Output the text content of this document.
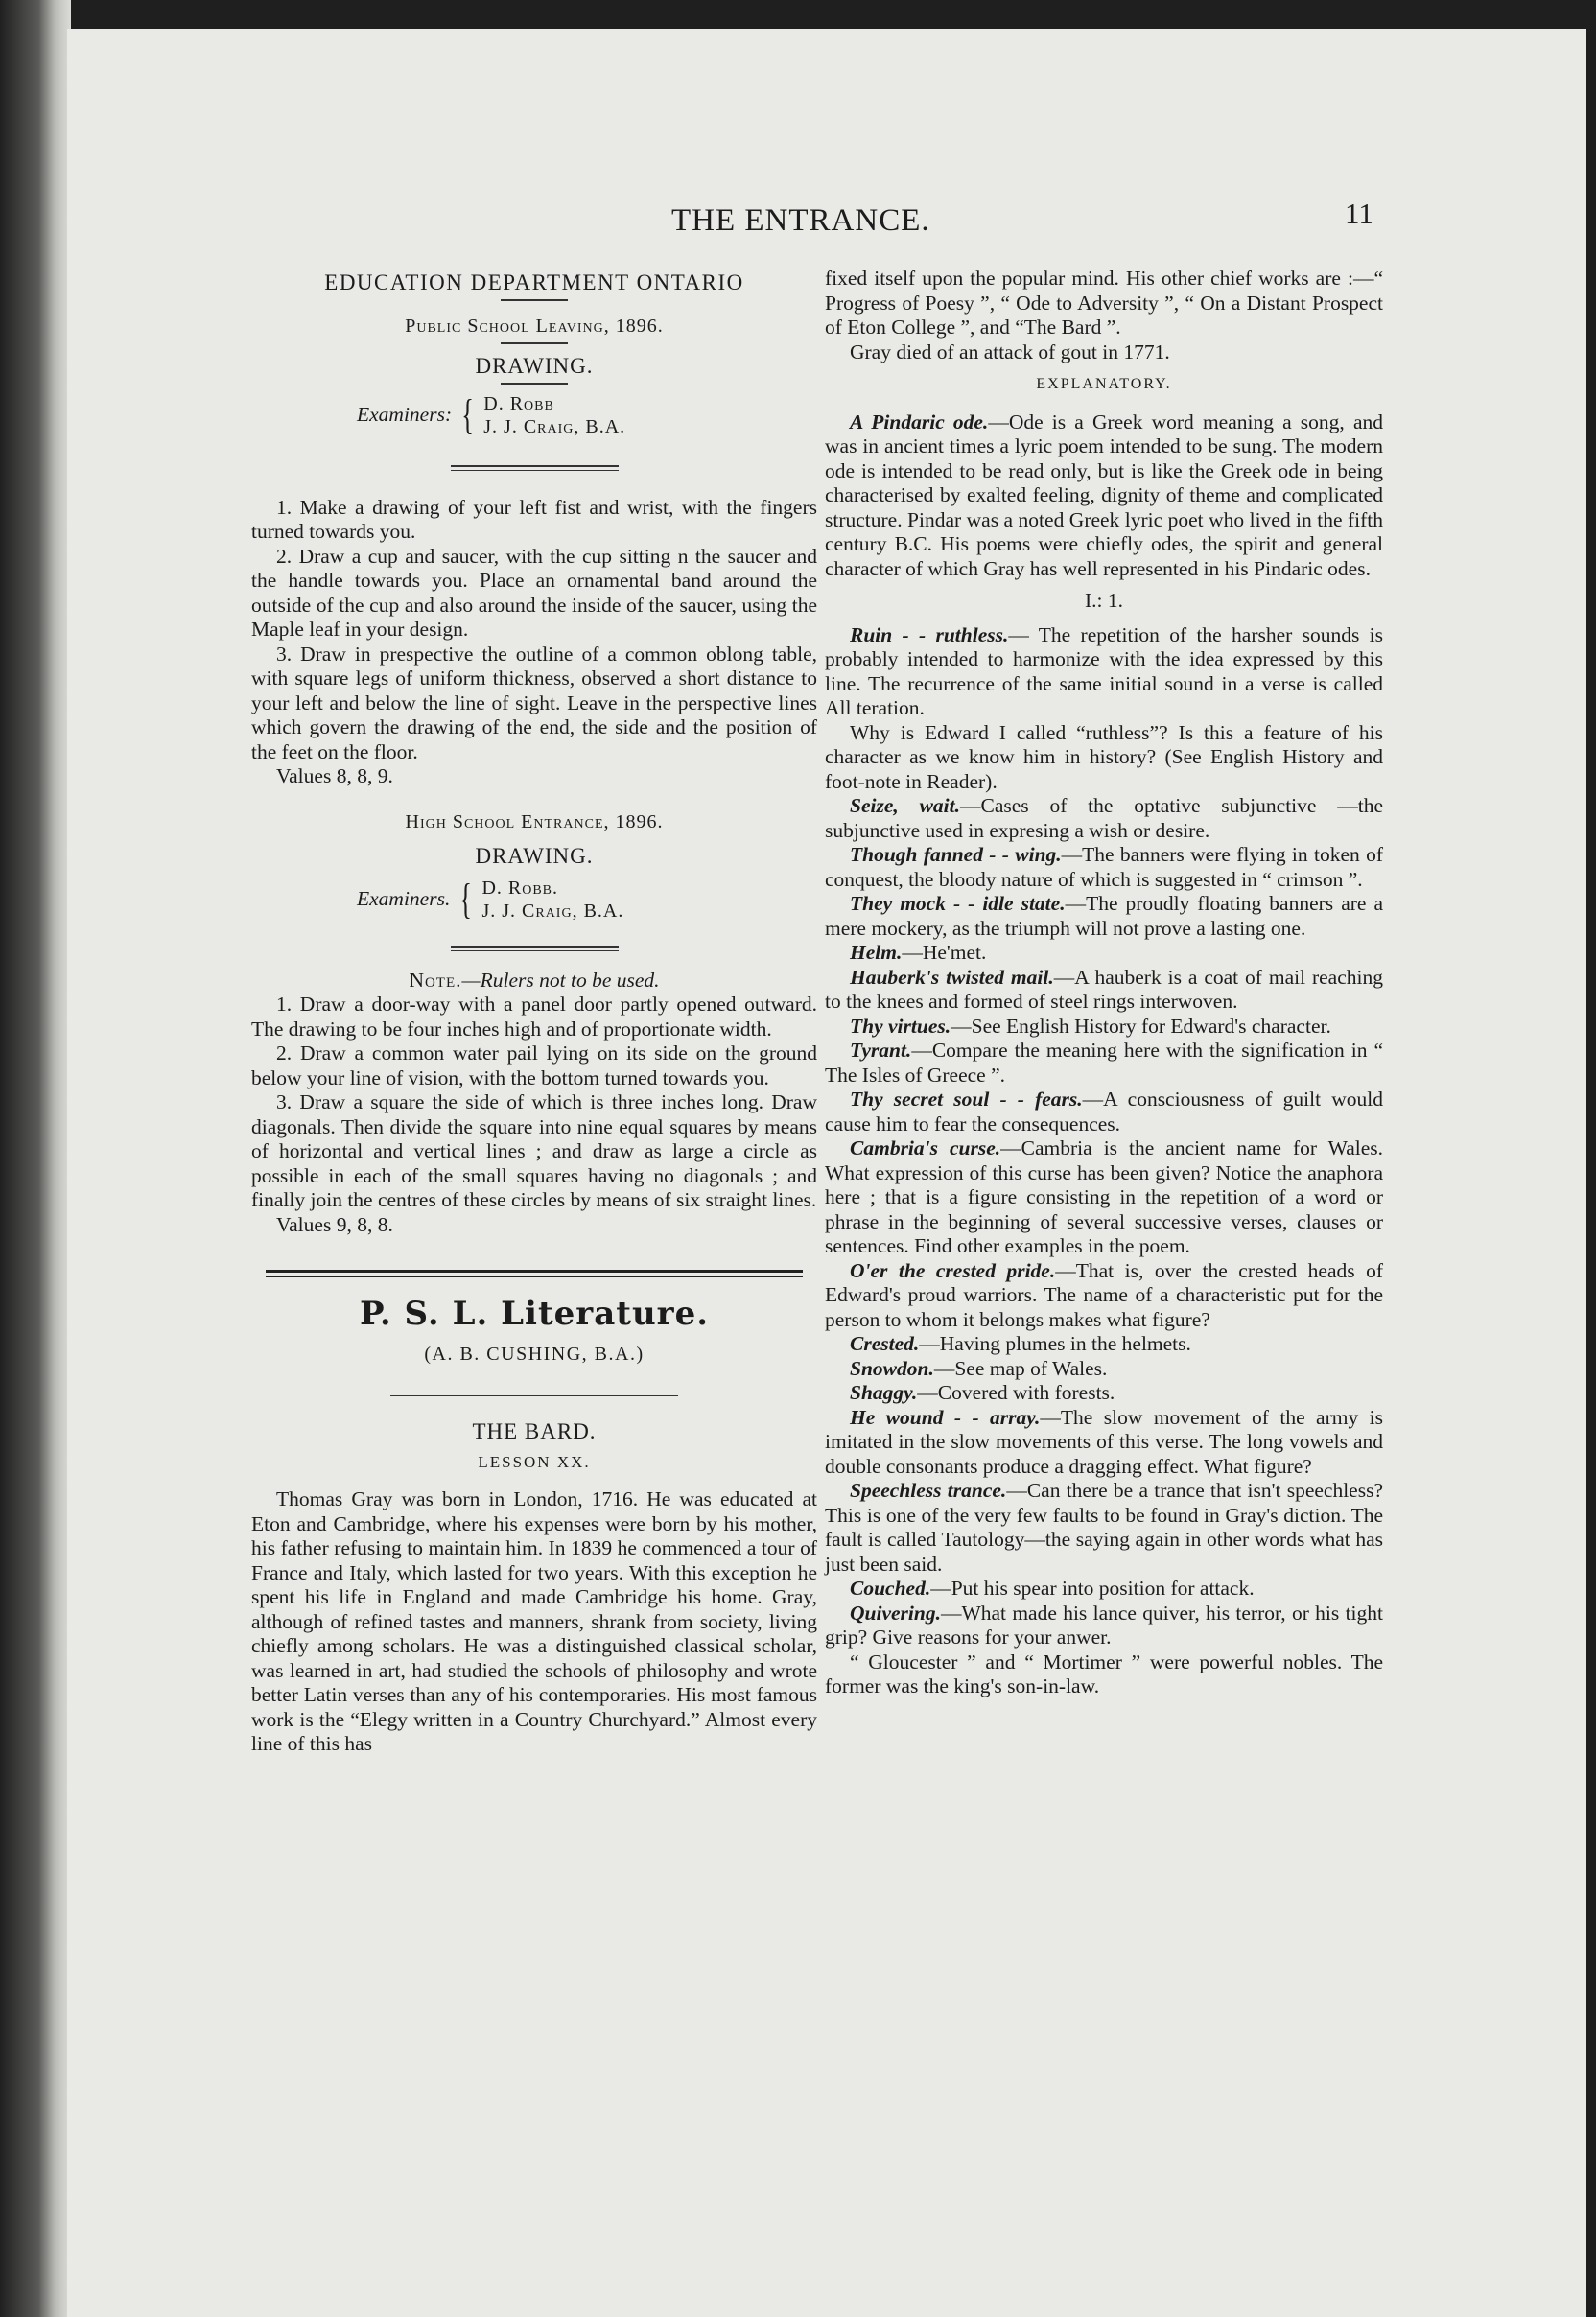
THE ENTRANCE.	11

EDUCATION DEPARTMENT ONTARIO

Public School Leaving, 1896.

DRAWING.

Examiners: { D. Robb
J. J. Craig, B.A.

1. Make a drawing of your left fist and wrist, with the fingers turned towards you.

2. Draw a cup and saucer, with the cup sitting n the saucer and the handle towards you. Place an ornamental band around the outside of the cup and also around the inside of the saucer, using the Maple leaf in your design.

3. Draw in prespective the outline of a common oblong table, with square legs of uniform thickness, observed a short distance to your left and below the line of sight. Leave in the perspective lines which govern the drawing of the end, the side and the position of the feet on the floor.

Values 8, 8, 9.

High School Entrance, 1896.

DRAWING.

Examiners. { D. Robb.
J. J. Craig, B.A.

Note.—Rulers not to be used.

1. Draw a door-way with a panel door partly opened outward. The drawing to be four inches high and of proportionate width.

2. Draw a common water pail lying on its side on the ground below your line of vision, with the bottom turned towards you.

3. Draw a square the side of which is three inches long. Draw diagonals. Then divide the square into nine equal squares by means of horizontal and vertical lines ; and draw as large a circle as possible in each of the small squares having no diagonals ; and finally join the centres of these circles by means of six straight lines.

Values 9, 8, 8.

P. S. L. Literature.

(A. B. CUSHING, B.A.)

THE BARD.

LESSON XX.

Thomas Gray was born in London, 1716. He was educated at Eton and Cambridge, where his expenses were born by his mother, his father refusing to maintain him. In 1839 he commenced a tour of France and Italy, which lasted for two years. With this exception he spent his life in England and made Cambridge his home. Gray, although of refined tastes and manners, shrank from society, living chiefly among scholars. He was a distinguished classical scholar, was learned in art, had studied the schools of philosophy and wrote better Latin verses than any of his contemporaries. His most famous work is the “Elegy written in a Country Churchyard.” Almost every line of this has

fixed itself upon the popular mind. His other chief works are :—“ Progress of Poesy ”, “ Ode to Adversity ”, “ On a Distant Prospect of Eton College ”, and “The Bard ”.

Gray died of an attack of gout in 1771.

EXPLANATORY.

A Pindaric ode.—Ode is a Greek word meaning a song, and was in ancient times a lyric poem intended to be sung. The modern ode is intended to be read only, but is like the Greek ode in being characterised by exalted feeling, dignity of theme and complicated structure. Pindar was a noted Greek lyric poet who lived in the fifth century B.C. His poems were chiefly odes, the spirit and general character of which Gray has well represented in his Pindaric odes.

I.: 1.

Ruin - - ruthless.— The repetition of the harsher sounds is probably intended to harmonize with the idea expressed by this line. The recurrence of the same initial sound in a verse is called All teration.

Why is Edward I called “ruthless”? Is this a feature of his character as we know him in history? (See English History and foot-note in Reader).

Seize, wait.—Cases of the optative subjunctive —the subjunctive used in expresing a wish or desire.

Though fanned - - wing.—The banners were flying in token of conquest, the bloody nature of which is suggested in “ crimson ”.

They mock - - idle state.—The proudly floating banners are a mere mockery, as the triumph will not prove a lasting one.

Helm.—He'met.

Hauberk's twisted mail.—A hauberk is a coat of mail reaching to the knees and formed of steel rings interwoven.

Thy virtues.—See English History for Edward's character.

Tyrant.—Compare the meaning here with the signification in “ The Isles of Greece ”.

Thy secret soul - - fears.—A consciousness of guilt would cause him to fear the consequences.

Cambria's curse.—Cambria is the ancient name for Wales. What expression of this curse has been given? Notice the anaphora here ; that is a figure consisting in the repetition of a word or phrase in the beginning of several successive verses, clauses or sentences. Find other examples in the poem.

O'er the crested pride.—That is, over the crested heads of Edward's proud warriors. The name of a characteristic put for the person to whom it belongs makes what figure?

Crested.—Having plumes in the helmets.

Snowdon.—See map of Wales.

Shaggy.—Covered with forests.

He wound - - array.—The slow movement of the army is imitated in the slow movements of this verse. The long vowels and double consonants produce a dragging effect. What figure?

Speechless trance.—Can there be a trance that isn't speechless? This is one of the very few faults to be found in Gray's diction. The fault is called Tautology—the saying again in other words what has just been said.

Couched.—Put his spear into position for attack.

Quivering.—What made his lance quiver, his terror, or his tight grip? Give reasons for your anwer.

“ Gloucester ” and “ Mortimer ” were powerful nobles. The former was the king's son-in-law.
